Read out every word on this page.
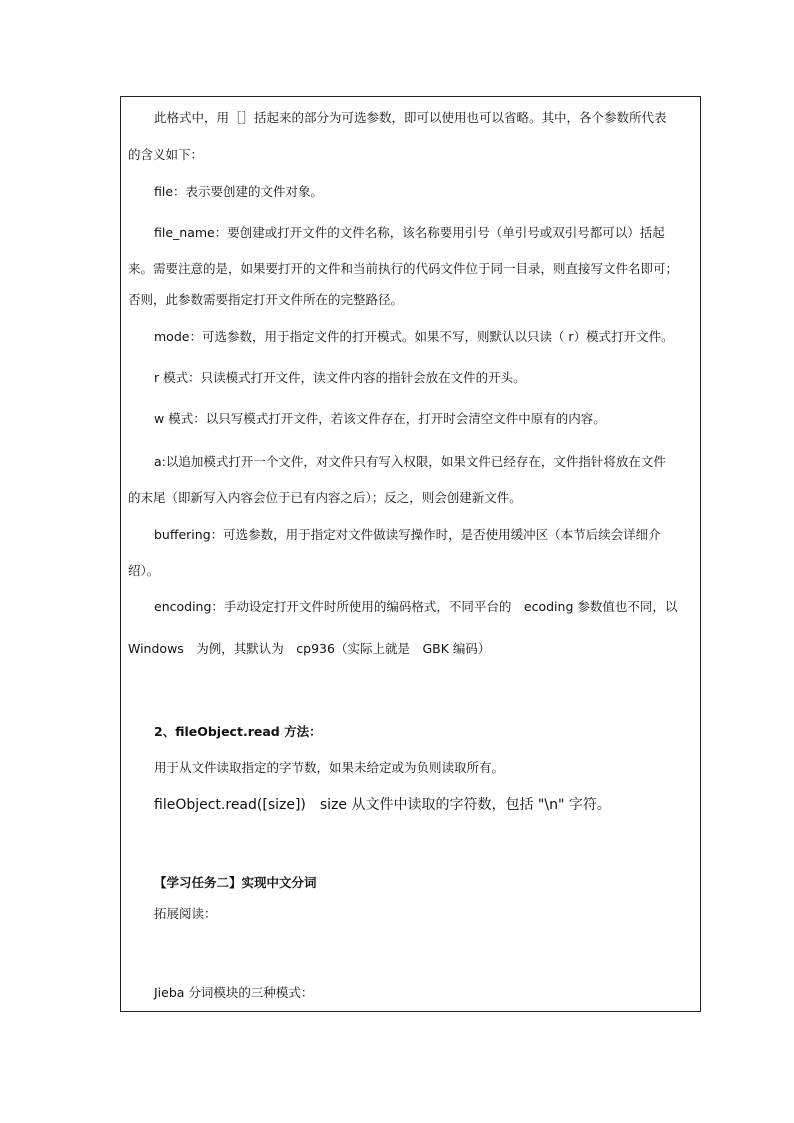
此格式中，用［］括起来的部分为可选参数，即可以使用也可以省略。其中，各个参数所代表

的含义如下：

file：表示要创建的文件对象。

file_name：要创建或打开文件的文件名称，该名称要用引号（单引号或双引号都可以）括起

来。需要注意的是，如果要打开的文件和当前执行的代码文件位于同一目录，则直接写文件名即可；

否则，此参数需要指定打开文件所在的完整路径。

mode：可选参数，用于指定文件的打开模式。如果不写，则默认以只读（ r）模式打开文件。

r 模式：只读模式打开文件，读文件内容的指针会放在文件的开头。

w 模式：以只写模式打开文件，若该文件存在，打开时会清空文件中原有的内容。

a:以追加模式打开一个文件，对文件只有写入权限，如果文件已经存在，文件指针将放在文件

的末尾（即新写入内容会位于已有内容之后）；反之，则会创建新文件。

buffering：可选参数，用于指定对文件做读写操作时，是否使用缓冲区（本节后续会详细介

绍）。

encoding：手动设定打开文件时所使用的编码格式，不同平台的　ecoding 参数值也不同，以

Windows　为例，其默认为　cp936（实际上就是　GBK 编码）

2、fileObject.read 方法：

用于从文件读取指定的字节数，如果未给定或为负则读取所有。

fileObject.read([size])　size 从文件中读取的字符数，包括 "\n" 字符。

【学习任务二】实现中文分词

拓展阅读：

Jieba 分词模块的三种模式：
